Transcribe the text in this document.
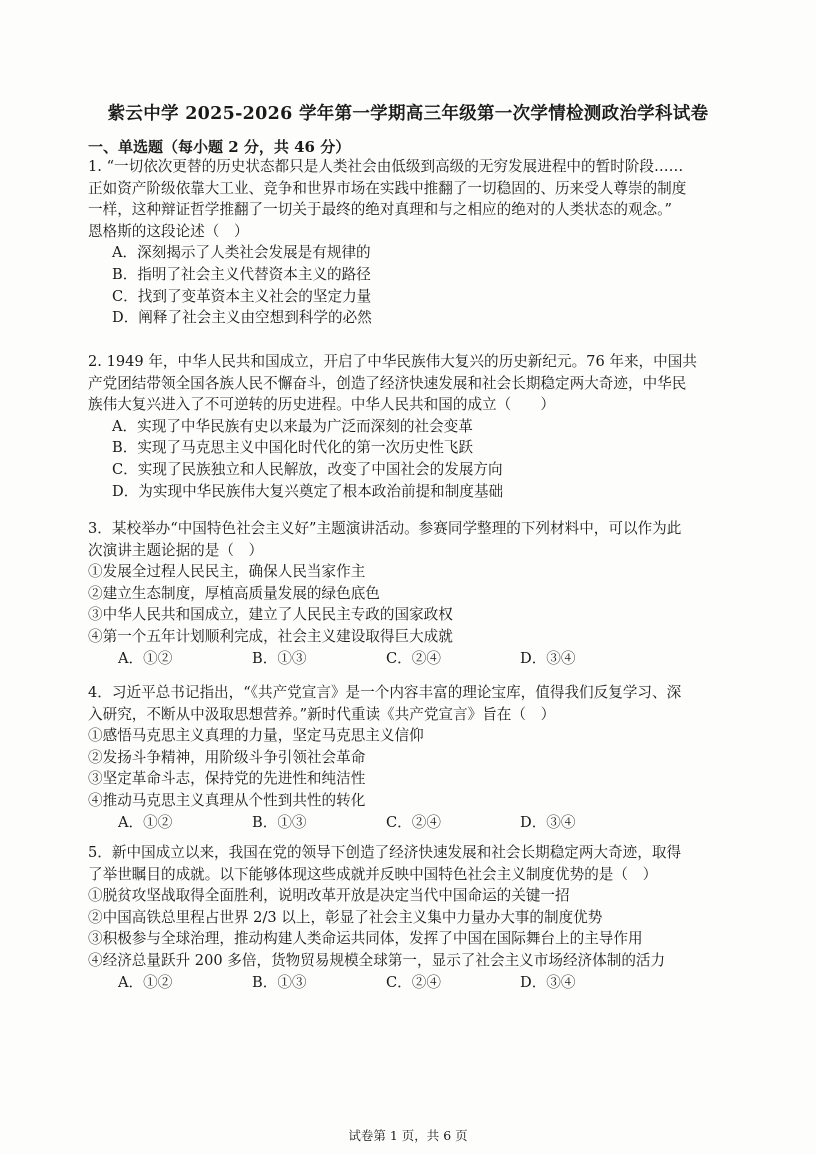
紫云中学 2025-2026 学年第一学期高三年级第一次学情检测政治学科试卷
一、单选题（每小题 2 分，共 46 分）
1. “一切依次更替的历史状态都只是人类社会由低级到高级的无穷发展进程中的暂时阶段……
正如资产阶级依靠大工业、竞争和世界市场在实践中推翻了一切稳固的、历来受人尊崇的制度
一样，这种辩证哲学推翻了一切关于最终的绝对真理和与之相应的绝对的人类状态的观念。”
恩格斯的这段论述（　）
A．深刻揭示了人类社会发展是有规律的
B．指明了社会主义代替资本主义的路径
C．找到了变革资本主义社会的坚定力量
D．阐释了社会主义由空想到科学的必然
2. 1949 年，中华人民共和国成立，开启了中华民族伟大复兴的历史新纪元。76 年来，中国共
产党团结带领全国各族人民不懈奋斗，创造了经济快速发展和社会长期稳定两大奇迹，中华民
族伟大复兴进入了不可逆转的历史进程。中华人民共和国的成立（　　）
A．实现了中华民族有史以来最为广泛而深刻的社会变革
B．实现了马克思主义中国化时代化的第一次历史性飞跃
C．实现了民族独立和人民解放，改变了中国社会的发展方向
D．为实现中华民族伟大复兴奠定了根本政治前提和制度基础
3．某校举办“中国特色社会主义好”主题演讲活动。参赛同学整理的下列材料中，可以作为此
次演讲主题论据的是（　）
①发展全过程人民民主，确保人民当家作主
②建立生态制度，厚植高质量发展的绿色底色
③中华人民共和国成立，建立了人民民主专政的国家政权
④第一个五年计划顺利完成，社会主义建设取得巨大成就
A．①②	B．①③	C．②④	D．③④
4．习近平总书记指出，“《共产党宣言》是一个内容丰富的理论宝库，值得我们反复学习、深
入研究，不断从中汲取思想营养。”新时代重读《共产党宣言》旨在（　）
①感悟马克思主义真理的力量，坚定马克思主义信仰
②发扬斗争精神，用阶级斗争引领社会革命
③坚定革命斗志，保持党的先进性和纯洁性
④推动马克思主义真理从个性到共性的转化
A．①②	B．①③	C．②④	D．③④
5．新中国成立以来，我国在党的领导下创造了经济快速发展和社会长期稳定两大奇迹，取得
了举世瞩目的成就。以下能够体现这些成就并反映中国特色社会主义制度优势的是（　）
①脱贫攻坚战取得全面胜利，说明改革开放是决定当代中国命运的关键一招
②中国高铁总里程占世界 2/3 以上，彰显了社会主义集中力量办大事的制度优势
③积极参与全球治理，推动构建人类命运共同体，发挥了中国在国际舞台上的主导作用
④经济总量跃升 200 多倍，货物贸易规模全球第一，显示了社会主义市场经济体制的活力
A．①②	B．①③	C．②④	D．③④
试卷第 1 页，共 6 页
